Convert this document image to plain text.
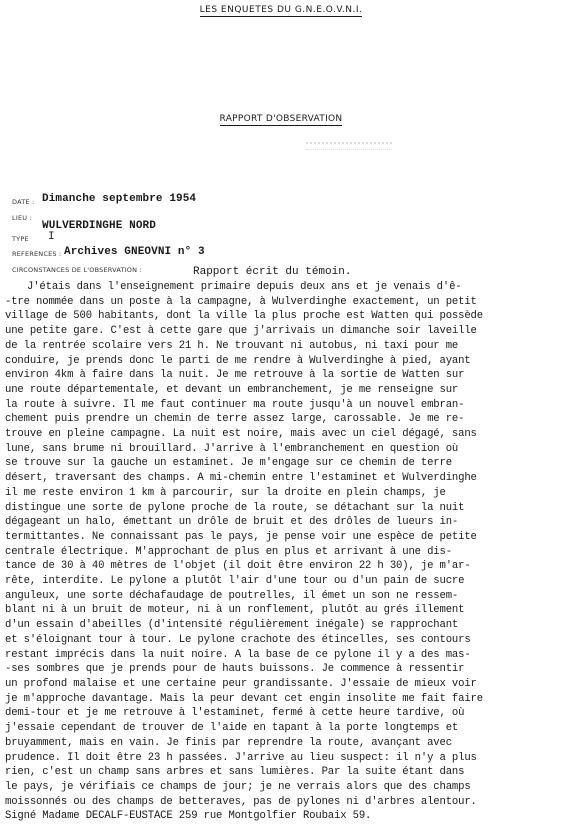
LES ENQUETES DU G.N.E.O.V.N.I.
RAPPORT D'OBSERVATION
DATE : Dimanche septembre 1954
LIEU :
WULVERDINGHE NORD
TYPE I
REFERENCES : Archives GNEOVNI n° 3
CIRCONSTANCES DE L'OBSERVATION :	Rapport écrit du témoin.
J'étais dans l'enseignement primaire depuis deux ans et je venais d'ê-
-tre nommée dans un poste à la campagne, à Wulverdinghe exactement, un petit
village de 500 habitants, dont la ville la plus proche est Watten qui possède
une petite gare. C'est à cette gare que j'arrivais un dimanche soir laveille
de la rentrée scolaire vers 21 h. Ne trouvant ni autobus, ni taxi pour me
conduire, je prends donc le parti de me rendre à Wulverdinghe à pied, ayant
environ 4km à faire dans la nuit. Je me retrouve à la sortie de Watten sur
une route départementale, et devant un embranchement, je me renseigne sur
la route à suivre. Il me faut continuer ma route jusqu'à un nouvel embran-
chement puis prendre un chemin de terre assez large, carossable. Je me re-
trouve en pleine campagne. La nuit est noire, mais avec un ciel dégagé, sans
lune, sans brume ni brouillard. J'arrive à l'embranchement en question où
se trouve sur la gauche un estaminet. Je m'engage sur ce chemin de terre
désert, traversant des champs. A mi-chemin entre l'estaminet et Wulverdinghe
il me reste environ 1 km à parcourir, sur la droite en plein champs, je
distingue une sorte de pylone proche de la route, se détachant sur la nuit
dégageant un halo, émettant un drôle de bruit et des drôles de lueurs in-
termittantes. Ne connaissant pas le pays, je pense voir une espèce de petite
centrale électrique. M'approchant de plus en plus et arrivant à une dis-
tance de 30 à 40 mètres de l'objet (il doit être environ 22 h 30), je m'ar-
rête, interdite. Le pylone a plutôt l'air d'une tour ou d'un pain de sucre
anguleux, une sorte déchafaudage de poutrelles, il émet un son ne ressem-
blant ni à un bruit de moteur, ni à un ronflement, plutôt au grés illement
d'un essain d'abeilles (d'intensité régulièrement inégale) se rapprochant
et s'éloignant tour à tour. Le pylone crachote des étincelles, ses contours
restant imprécis dans la nuit noire. A la base de ce pylone il y a des mas-
-ses sombres que je prends pour de hauts buissons. Je commence à ressentir
un profond malaise et une certaine peur grandissante. J'essaie de mieux voir
je m'approche davantage. Mais la peur devant cet engin insolite me fait faire
demi-tour et je me retrouve à l'estaminet, fermé à cette heure tardive, où
j'essaie cependant de trouver de l'aide en tapant à la porte longtemps et
bruyamment, mais en vain. Je finis par reprendre la route, avançant avec
prudence. Il doit être 23 h passées. J'arrive au lieu suspect: il n'y a plus
rien, c'est un champ sans arbres et sans lumières. Par la suite étant dans
le pays, je vérifiais ce champs de jour; je ne verrais alors que des champs
moissonnés ou des champs de betteraves, pas de pylones ni d'arbres alentour.
Signé Madame DECALF-EUSTACE 259 rue Montgolfier Roubaix 59.
